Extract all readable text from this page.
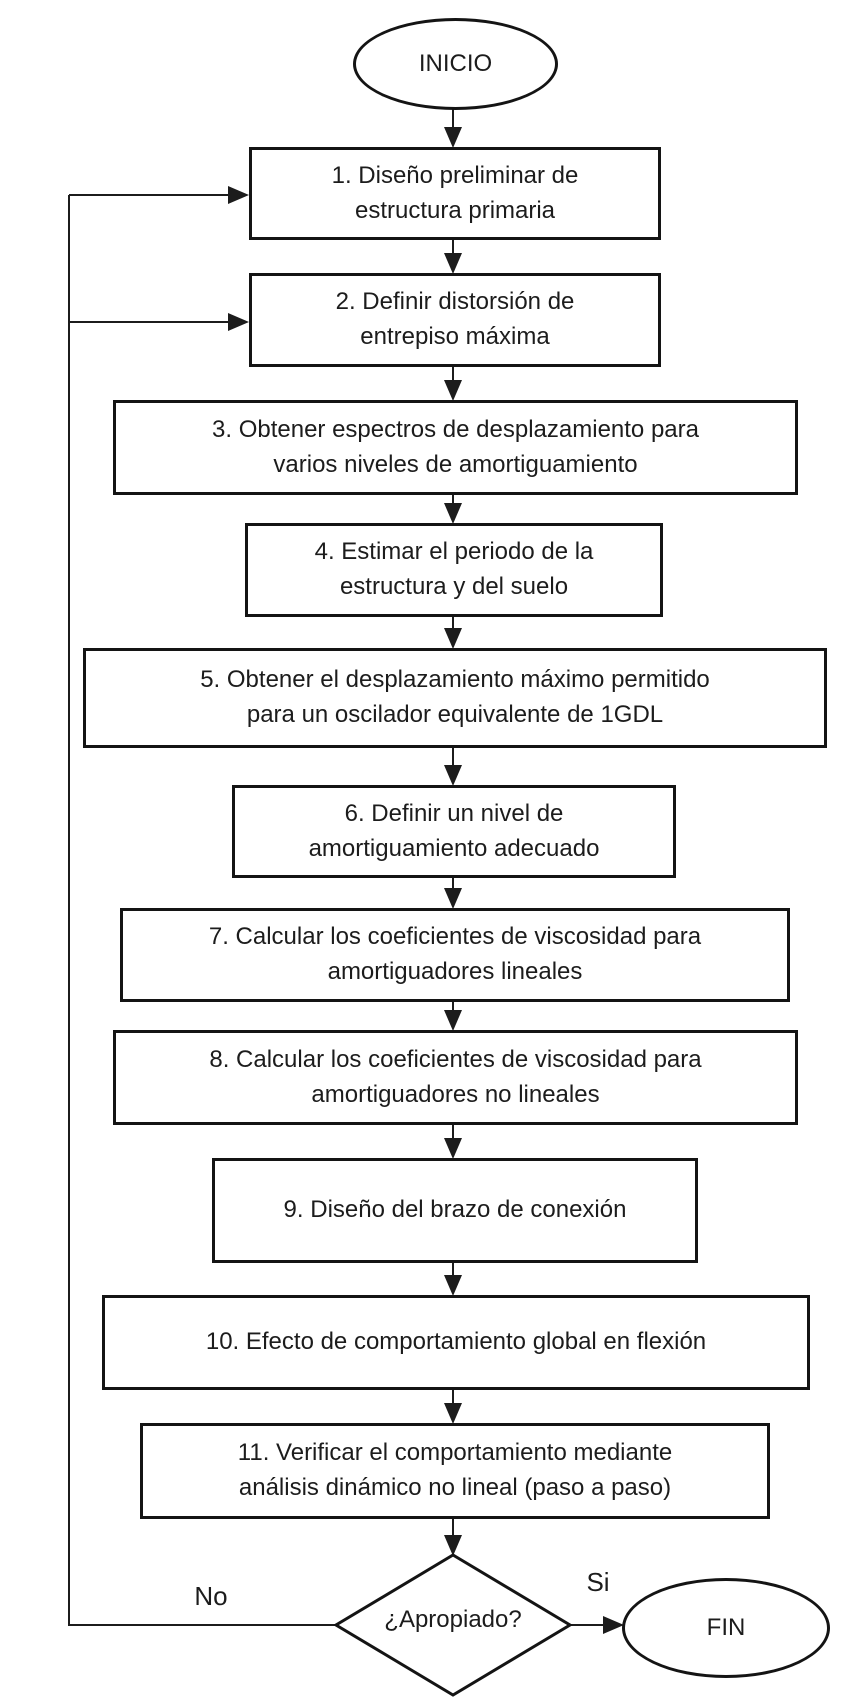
INICIO
FIN
1. Diseño preliminar de estructura primaria
2. Definir distorsión de entrepiso máxima
3. Obtener espectros de desplazamiento para varios niveles de amortiguamiento
4. Estimar el periodo de la estructura y del suelo
5. Obtener el desplazamiento máximo permitido para un oscilador equivalente de 1GDL
6. Definir un nivel de amortiguamiento adecuado
7. Calcular los coeficientes de viscosidad para amortiguadores lineales
8. Calcular los coeficientes de viscosidad para amortiguadores no lineales
9. Diseño del brazo de conexión
10. Efecto de comportamiento global en flexión
11. Verificar el comportamiento mediante análisis dinámico no lineal (paso a paso)
¿Apropiado?
No	Si
